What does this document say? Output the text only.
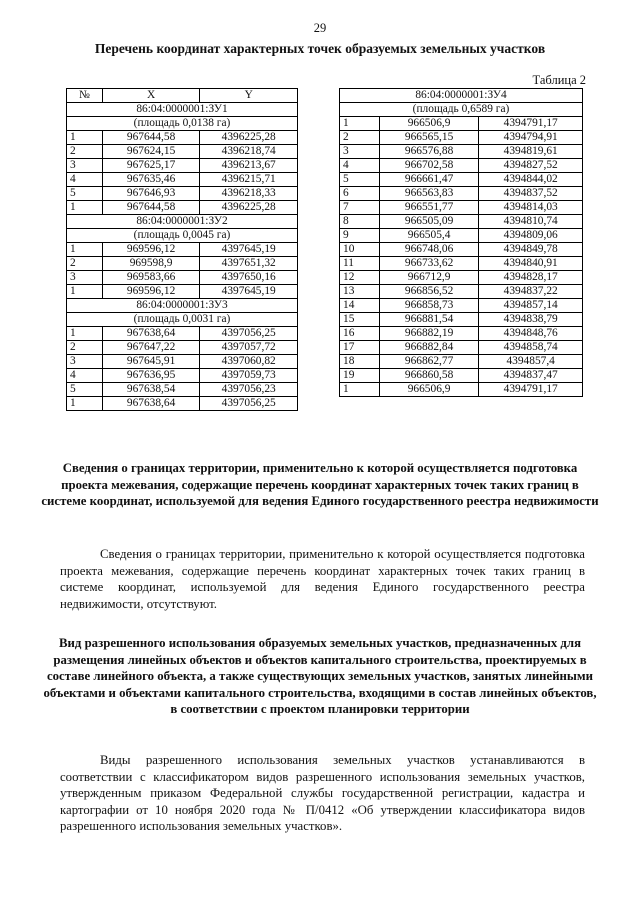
29
Перечень координат характерных точек образуемых земельных участков
Таблица 2
№	X	Y
86:04:0000001:ЗУ1		
(площадь 0,0138 га)		
1	967644,58	4396225,28
2	967624,15	4396218,74
3	967625,17	4396213,67
4	967635,46	4396215,71
5	967646,93	4396218,33
1	967644,58	4396225,28
86:04:0000001:ЗУ2		
(площадь 0,0045 га)		
1	969596,12	4397645,19
2	969598,9	4397651,32
3	969583,66	4397650,16
1	969596,12	4397645,19
86:04:0000001:ЗУ3		
(площадь 0,0031 га)		
1	967638,64	4397056,25
2	967647,22	4397057,72
3	967645,91	4397060,82
4	967636,95	4397059,73
5	967638,54	4397056,23
1	967638,64	4397056,25
86:04:0000001:ЗУ4		
(площадь 0,6589 га)		
1	966506,9	4394791,17
2	966565,15	4394794,91
3	966576,88	4394819,61
4	966702,58	4394827,52
5	966661,47	4394844,02
6	966563,83	4394837,52
7	966551,77	4394814,03
8	966505,09	4394810,74
9	966505,4	4394809,06
10	966748,06	4394849,78
11	966733,62	4394840,91
12	966712,9	4394828,17
13	966856,52	4394837,22
14	966858,73	4394857,14
15	966881,54	4394838,79
16	966882,19	4394848,76
17	966882,84	4394858,74
18	966862,77	4394857,4
19	966860,58	4394837,47
1	966506,9	4394791,17
Сведения о границах территории, применительно к которой осуществляется подготовка проекта межевания, содержащие перечень координат характерных точек таких границ в системе координат, используемой для ведения Единого государственного реестра недвижимости
Сведения о границах территории, применительно к которой осуществляется подготовка проекта межевания, содержащие перечень координат характерных точек таких границ в системе координат, используемой для ведения Единого государственного реестра недвижимости, отсутствуют.
Вид разрешенного использования образуемых земельных участков, предназначенных для размещения линейных объектов и объектов капитального строительства, проектируемых в составе линейного объекта, а также существующих земельных участков, занятых линейными объектами и объектами капитального строительства, входящими в состав линейных объектов, в соответствии с проектом планировки территории
Виды разрешенного использования земельных участков устанавливаются в соответствии с классификатором видов разрешенного использования земельных участков, утвержденным приказом Федеральной службы государственной регистрации, кадастра и картографии от 10 ноября 2020 года № П/0412 «Об утверждении классификатора видов разрешенного использования земельных участков».
